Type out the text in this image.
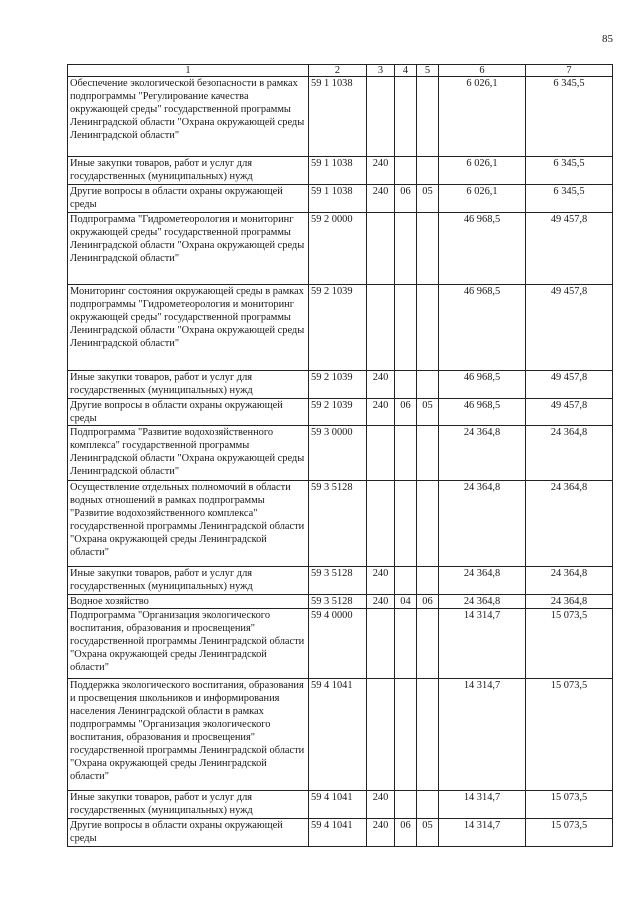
85
1	2	3	4	5	6	7
Обеспечение экологической безопасности в рамках подпрограммы "Регулирование качества окружающей среды" государственной программы Ленинградской области "Охрана окружающей среды Ленинградской области"	59 1 1038				6 026,1	6 345,5
Иные закупки товаров, работ и услуг для государственных (муниципальных) нужд	59 1 1038	240			6 026,1	6 345,5
Другие вопросы в области охраны окружающей среды	59 1 1038	240	06	05	6 026,1	6 345,5
Подпрограмма "Гидрометеорология и мониторинг окружающей среды" государственной программы Ленинградской области "Охрана окружающей среды Ленинградской области"	59 2 0000				46 968,5	49 457,8
Мониторинг состояния окружающей среды в рамках подпрограммы "Гидрометеорология и мониторинг окружающей среды" государственной программы Ленинградской области "Охрана окружающей среды Ленинградской области"	59 2 1039				46 968,5	49 457,8
Иные закупки товаров, работ и услуг для государственных (муниципальных) нужд	59 2 1039	240			46 968,5	49 457,8
Другие вопросы в области охраны окружающей среды	59 2 1039	240	06	05	46 968,5	49 457,8
Подпрограмма "Развитие водохозяйственного комплекса" государственной программы Ленинградской области "Охрана окружающей среды Ленинградской области"	59 3 0000				24 364,8	24 364,8
Осуществление отдельных полномочий в области водных отношений в рамках подпрограммы "Развитие водохозяйственного комплекса" государственной программы Ленинградской области "Охрана окружающей среды Ленинградской области"	59 3 5128				24 364,8	24 364,8
Иные закупки товаров, работ и услуг для государственных (муниципальных) нужд	59 3 5128	240			24 364,8	24 364,8
Водное хозяйство	59 3 5128	240	04	06	24 364,8	24 364,8
Подпрограмма "Организация экологического воспитания, образования и просвещения" государственной программы Ленинградской области "Охрана окружающей среды Ленинградской области"	59 4 0000				14 314,7	15 073,5
Поддержка экологического воспитания, образования и просвещения школьников и информирования населения Ленинградской области в рамках подпрограммы "Организация экологического воспитания, образования и просвещения" государственной программы Ленинградской области "Охрана окружающей среды Ленинградской области"	59 4 1041				14 314,7	15 073,5
Иные закупки товаров, работ и услуг для государственных (муниципальных) нужд	59 4 1041	240			14 314,7	15 073,5
Другие вопросы в области охраны окружающей среды	59 4 1041	240	06	05	14 314,7	15 073,5
